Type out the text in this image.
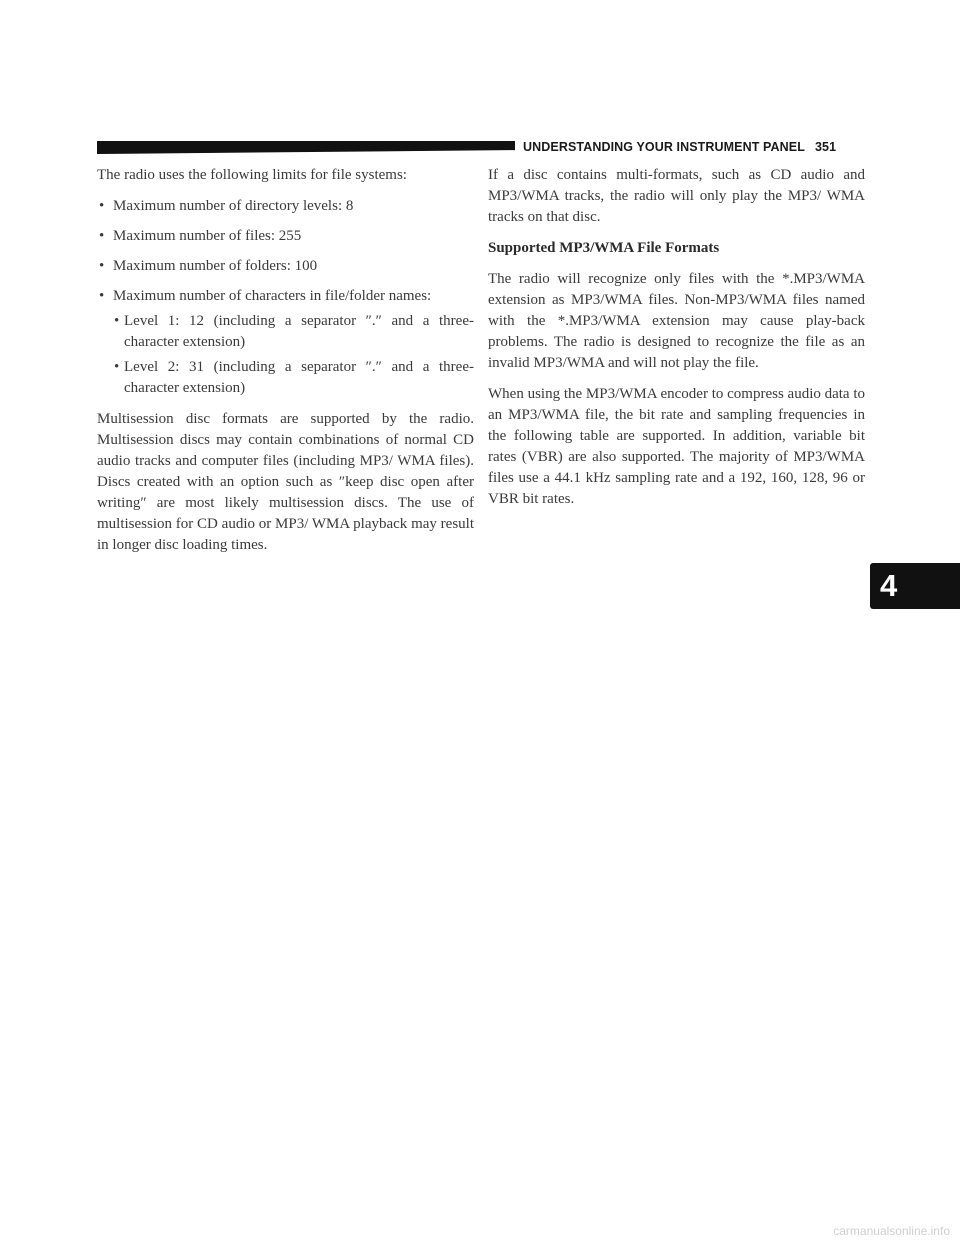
UNDERSTANDING YOUR INSTRUMENT PANEL 351

The radio uses the following limits for file systems:

• Maximum number of directory levels: 8
• Maximum number of files: 255
• Maximum number of folders: 100
• Maximum number of characters in file/folder names:
• Level 1: 12 (including a separator ″.″ and a three-character extension)
• Level 2: 31 (including a separator ″.″ and a three-character extension)

Multisession disc formats are supported by the radio. Multisession discs may contain combinations of normal CD audio tracks and computer files (including MP3/ WMA files). Discs created with an option such as ″keep disc open after writing″ are most likely multisession discs. The use of multisession for CD audio or MP3/ WMA playback may result in longer disc loading times.

If a disc contains multi-formats, such as CD audio and MP3/WMA tracks, the radio will only play the MP3/ WMA tracks on that disc.

Supported MP3/WMA File Formats

The radio will recognize only files with the *.MP3/WMA extension as MP3/WMA files. Non-MP3/WMA files named with the *.MP3/WMA extension may cause play-back problems. The radio is designed to recognize the file as an invalid MP3/WMA and will not play the file.

When using the MP3/WMA encoder to compress audio data to an MP3/WMA file, the bit rate and sampling frequencies in the following table are supported. In addition, variable bit rates (VBR) are also supported. The majority of MP3/WMA files use a 44.1 kHz sampling rate and a 192, 160, 128, 96 or VBR bit rates.

4
carmanualsonline.info
